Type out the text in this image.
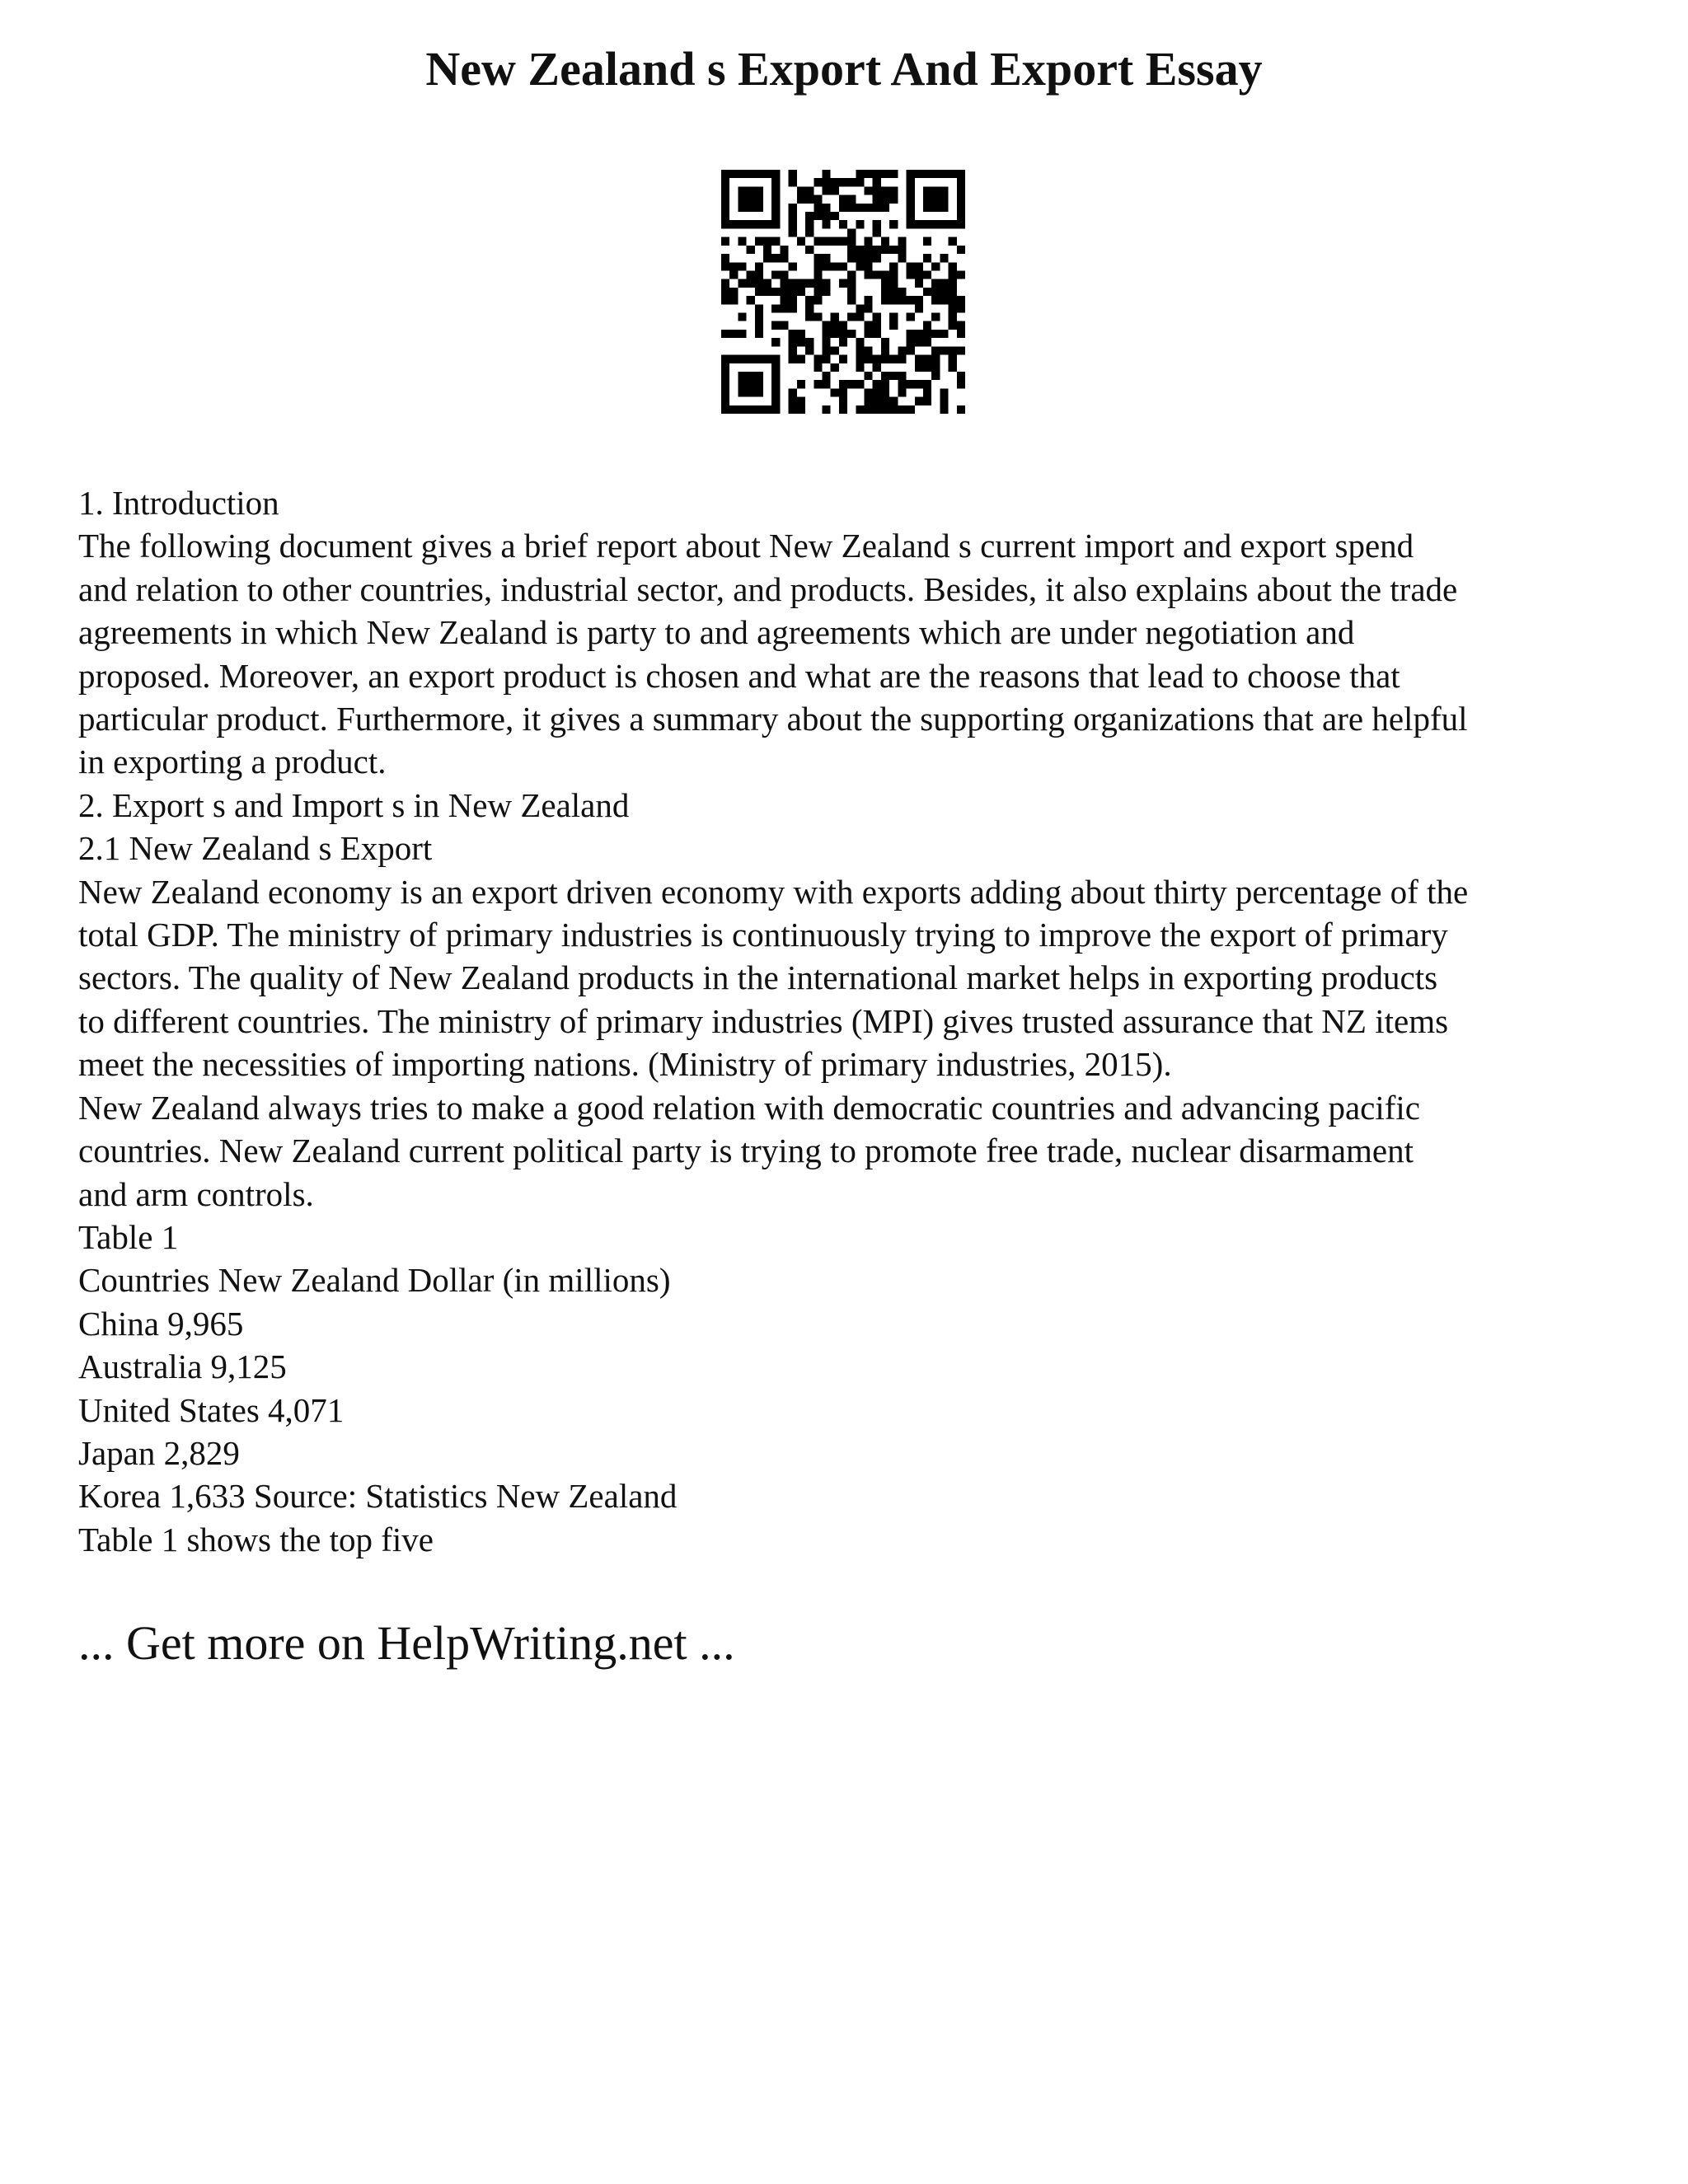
New Zealand s Export And Export Essay
1. Introduction
The following document gives a brief report about New Zealand s current import and export spend
and relation to other countries, industrial sector, and products. Besides, it also explains about the trade
agreements in which New Zealand is party to and agreements which are under negotiation and
proposed. Moreover, an export product is chosen and what are the reasons that lead to choose that
particular product. Furthermore, it gives a summary about the supporting organizations that are helpful
in exporting a product.
2. Export s and Import s in New Zealand
2.1 New Zealand s Export
New Zealand economy is an export driven economy with exports adding about thirty percentage of the
total GDP. The ministry of primary industries is continuously trying to improve the export of primary
sectors. The quality of New Zealand products in the international market helps in exporting products
to different countries. The ministry of primary industries (MPI) gives trusted assurance that NZ items
meet the necessities of importing nations. (Ministry of primary industries, 2015).
New Zealand always tries to make a good relation with democratic countries and advancing pacific
countries. New Zealand current political party is trying to promote free trade, nuclear disarmament
and arm controls.
Table 1
Countries New Zealand Dollar (in millions)
China 9,965
Australia 9,125
United States 4,071
Japan 2,829
Korea 1,633 Source: Statistics New Zealand
Table 1 shows the top five
... Get more on HelpWriting.net ...
